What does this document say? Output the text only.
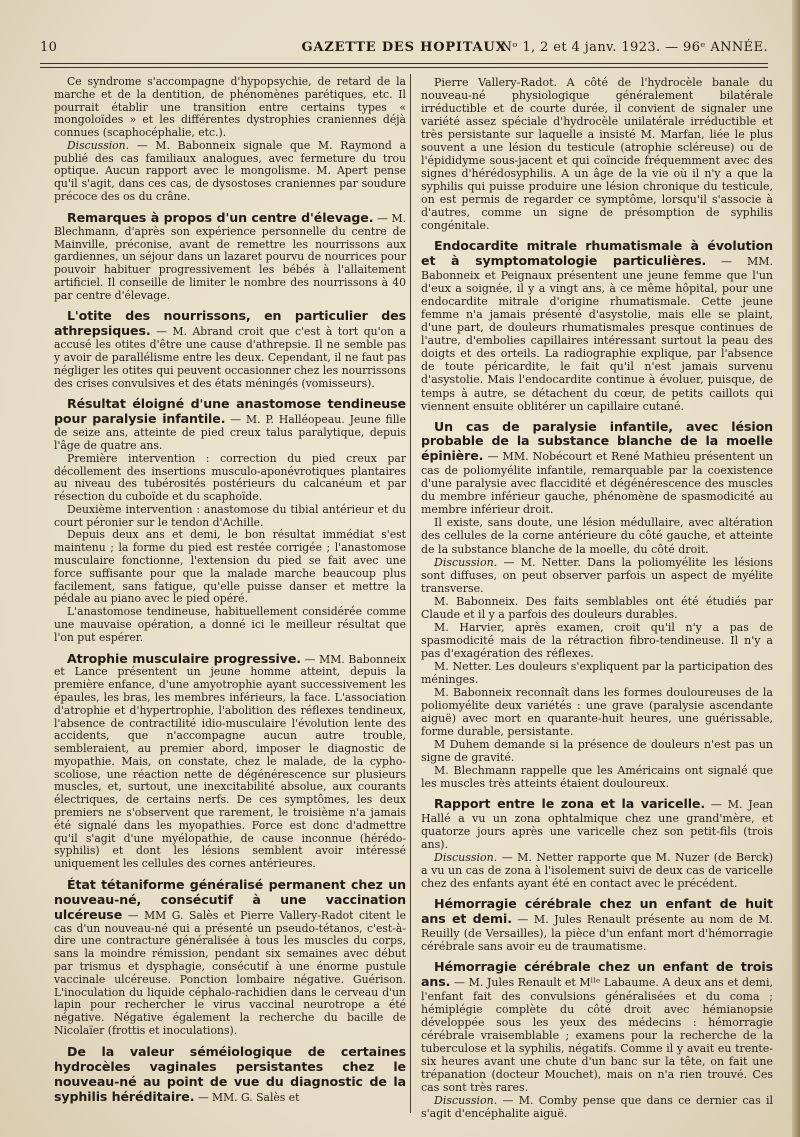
10	GAZETTE DES HOPITAUX
Nᵒ 1, 2 et 4 janv. 1923. — 96ᵉ ANNÉE.

Ce syndrome s'accompagne d'hypopsychie, de retard de la marche et de la dentition, de phénomènes parétiques, etc. Il pourrait établir une transition entre certains types « mongoloïdes » et les différentes dystrophies craniennes déjà connues (scaphocéphalie, etc.).

Discussion. — M. Babonneix signale que M. Raymond a publié des cas familiaux analogues, avec fermeture du trou optique. Aucun rapport avec le mongolisme. M. Apert pense qu'il s'agit, dans ces cas, de dysostoses craniennes par soudure précoce des os du crâne.

Remarques à propos d'un centre d'élevage. — M. Blechmann, d'après son expérience personnelle du centre de Mainville, préconise, avant de remettre les nourrissons aux gardiennes, un séjour dans un lazaret pourvu de nourrices pour pouvoir habituer progressivement les bébés à l'allaitement artificiel. Il conseille de limiter le nombre des nourrissons à 40 par centre d'élevage.

L'otite des nourrissons, en particulier des athrepsiques. — M. Abrand croit que c'est à tort qu'on a accusé les otites d'être une cause d'athrepsie. Il ne semble pas y avoir de parallélisme entre les deux. Cependant, il ne faut pas négliger les otites qui peuvent occasionner chez les nourrissons des crises convulsives et des états méningés (vomisseurs).

Résultat éloigné d'une anastomose tendineuse pour paralysie infantile. — M. P. Halléopeau. Jeune fille de seize ans, atteinte de pied creux talus paralytique, depuis l'âge de quatre ans.

Première intervention : correction du pied creux par décollement des insertions musculo-aponévrotiques plantaires au niveau des tubérosités postérieurs du calcanéum et par résection du cuboïde et du scaphoïde.

Deuxième intervention : anastomose du tibial antérieur et du court péronier sur le tendon d'Achille.

Depuis deux ans et demi, le bon résultat immédiat s'est maintenu ; la forme du pied est restée corrigée ; l'anastomose musculaire fonctionne, l'extension du pied se fait avec une force suffisante pour que la malade marche beaucoup plus facilement, sans fatigue, qu'elle puisse danser et mettre la pédale au piano avec le pied opéré.

L'anastomose tendineuse, habituellement considérée comme une mauvaise opération, a donné ici le meilleur résultat que l'on put espérer.

Atrophie musculaire progressive. — MM. Babonneix et Lance présentent un jeune homme atteint, depuis la première enfance, d'une amyotrophie ayant successivement les épaules, les bras, les membres inférieurs, la face. L'association d'atrophie et d'hypertrophie, l'abolition des réflexes tendineux, l'absence de contractilité idio-musculaire l'évolution lente des accidents, que n'accompagne aucun autre trouble, sembleraient, au premier abord, imposer le diagnostic de myopathie. Mais, on constate, chez le malade, de la cypho-scoliose, une réaction nette de dégénérescence sur plusieurs muscles, et, surtout, une inexcitabilité absolue, aux courants électriques, de certains nerfs. De ces symptômes, les deux premiers ne s'observent que rarement, le troisième n'a jamais été signalé dans les myopathies. Force est donc d'admettre qu'il s'agit d'une myélopathie, de cause inconnue (hérédo-syphilis) et dont les lésions semblent avoir intéressé uniquement les cellules des cornes antérieures.

État tétaniforme généralisé permanent chez un nouveau-né, consécutif à une vaccination ulcéreuse — MM G. Salès et Pierre Vallery-Radot citent le cas d'un nouveau-né qui a présenté un pseudo-tétanos, c'est-à-dire une contracture généralisée à tous les muscles du corps, sans la moindre rémission, pendant six semaines avec début par trismus et dysphagie, consécutif à une énorme pustule vaccinale ulcéreuse. Ponction lombaire négative. Guérison. L'inoculation du liquide céphalo-rachidien dans le cerveau d'un lapin pour rechercher le virus vaccinal neurotrope a été négative. Négative également la recherche du bacille de Nicolaïer (frottis et inoculations).

De la valeur séméiologique de certaines hydrocèles vaginales persistantes chez le nouveau-né au point de vue du diagnostic de la syphilis héréditaire. — MM. G. Salès et

Pierre Vallery-Radot. A côté de l'hydrocèle banale du nouveau-né physiologique généralement bilatérale irréductible et de courte durée, il convient de signaler une variété assez spéciale d'hydrocèle unilatérale irréductible et très persistante sur laquelle a insisté M. Marfan, liée le plus souvent a une lésion du testicule (atrophie scléreuse) ou de l'épididyme sous-jacent et qui coïncide fréquemment avec des signes d'hérédosyphilis. A un âge de la vie où il n'y a que la syphilis qui puisse produire une lésion chronique du testicule, on est permis de regarder ce symptôme, lorsqu'il s'associe à d'autres, comme un signe de présomption de syphilis congénitale.

Endocardite mitrale rhumatismale à évolution et à symptomatologie particulières. — MM. Babonneix et Peignaux présentent une jeune femme que l'un d'eux a soignée, il y a vingt ans, à ce même hôpital, pour une endocardite mitrale d'origine rhumatismale. Cette jeune femme n'a jamais présenté d'asystolie, mais elle se plaint, d'une part, de douleurs rhumatismales presque continues de l'autre, d'embolies capillaires intéressant surtout la peau des doigts et des orteils. La radiographie explique, par l'absence de toute péricardite, le fait qu'il n'est jamais survenu d'asystolie. Mais l'endocardite continue à évoluer, puisque, de temps à autre, se détachent du cœur, de petits caillots qui viennent ensuite oblitérer un capillaire cutané.

Un cas de paralysie infantile, avec lésion probable de la substance blanche de la moelle épinière. — MM. Nobécourt et René Mathieu présentent un cas de poliomyélite infantile, remarquable par la coexistence d'une paralysie avec flaccidité et dégénérescence des muscles du membre inférieur gauche, phénomène de spasmodicité au membre inférieur droit.

Il existe, sans doute, une lésion médullaire, avec altération des cellules de la corne antérieure du côté gauche, et atteinte de la substance blanche de la moelle, du côté droit.

Discussion. — M. Netter. Dans la poliomyélite les lésions sont diffuses, on peut observer parfois un aspect de myélite transverse.

M. Babonneix. Des faits semblables ont été étudiés par Claude et il y a parfois des douleurs durables.

M. Harvier, après examen, croit qu'il n'y a pas de spasmodicité mais de la rétraction fibro-tendineuse. Il n'y a pas d'exagération des réflexes.

M. Netter. Les douleurs s'expliquent par la participation des méninges.

M. Babonneix reconnaît dans les formes douloureuses de la poliomyélite deux variétés : une grave (paralysie ascendante aiguë) avec mort en quarante-huit heures, une guérissable, forme durable, persistante.

M Duhem demande si la présence de douleurs n'est pas un signe de gravité.

M. Blechmann rappelle que les Américains ont signalé que les muscles très atteints étaient douloureux.

Rapport entre le zona et la varicelle. — M. Jean Hallé a vu un zona ophtalmique chez une grand'mère, et quatorze jours après une varicelle chez son petit-fils (trois ans).

Discussion. — M. Netter rapporte que M. Nuzer (de Berck) a vu un cas de zona à l'isolement suivi de deux cas de varicelle chez des enfants ayant été en contact avec le précédent.

Hémorragie cérébrale chez un enfant de huit ans et demi. — M. Jules Renault présente au nom de M. Reuilly (de Versailles), la pièce d'un enfant mort d'hémorragie cérébrale sans avoir eu de traumatisme.

Hémorragie cérébrale chez un enfant de trois ans. — M. Jules Renault et Mˡˡᵉ Labaume. A deux ans et demi, l'enfant fait des convulsions généralisées et du coma ; hémiplégie complète du côté droit avec hémianopsie développée sous les yeux des médecins : hémorragie cérébrale vraisemblable ; examens pour la recherche de la tuberculose et la syphilis, négatifs. Comme il y avait eu trente-six heures avant une chute d'un banc sur la tête, on fait une trépanation (docteur Mouchet), mais on n'a rien trouvé. Ces cas sont très rares.

Discussion. — M. Comby pense que dans ce dernier cas il s'agit d'encéphalite aiguë.
